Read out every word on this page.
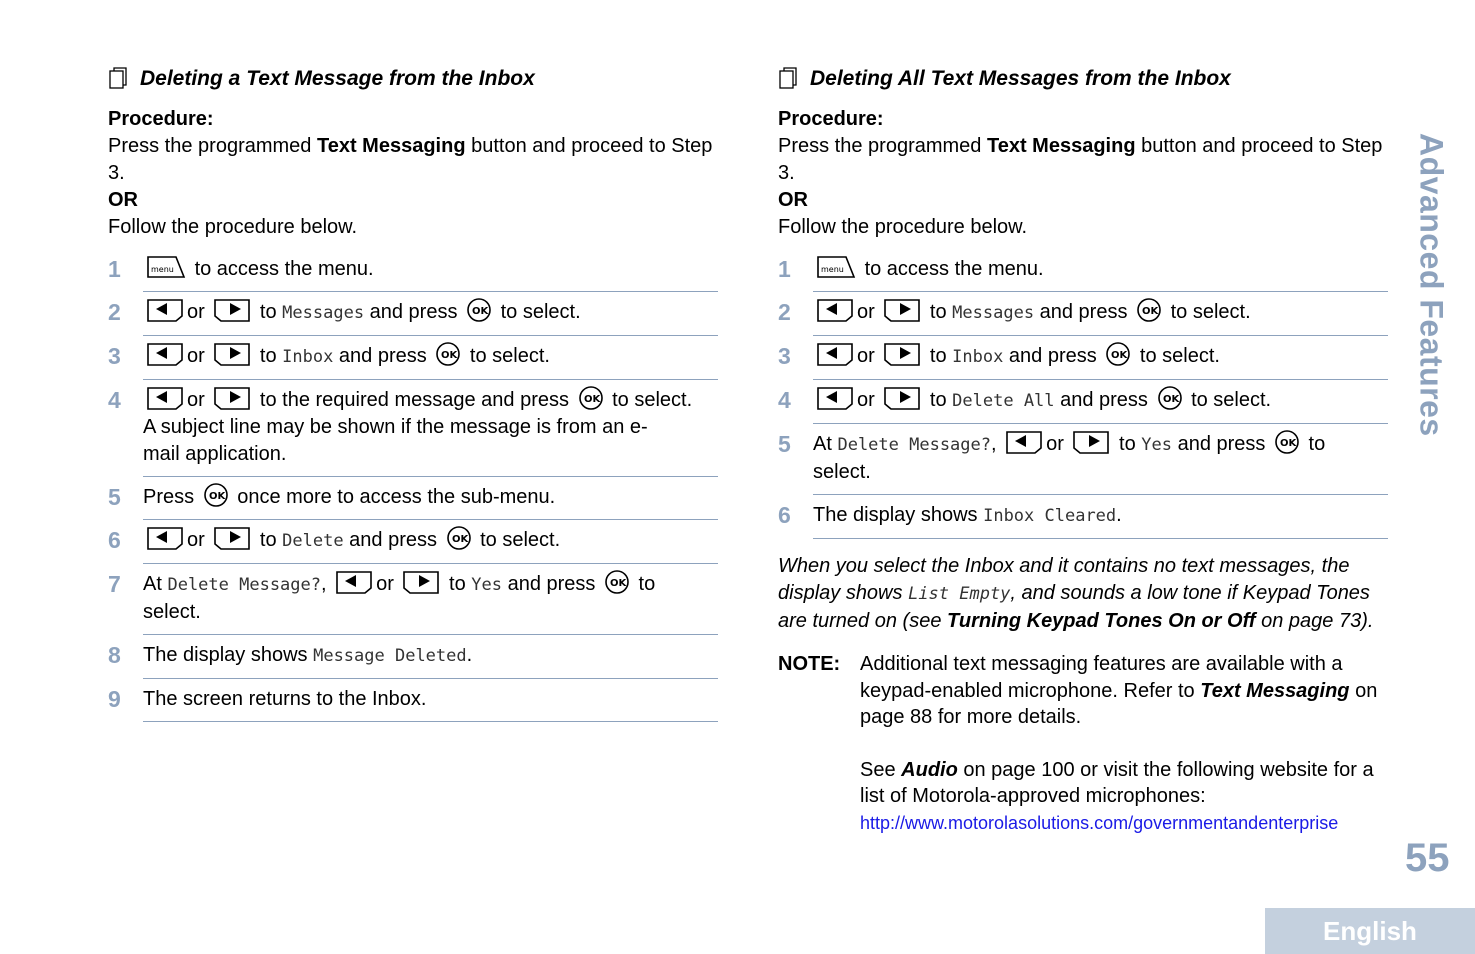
Deleting a Text Message from the Inbox
Procedure:
Press the programmed Text Messaging button and proceed to Step 3.
OR
Follow the procedure below.
1	menu to access the menu.
2	or	to Messages and press OK to select.
3	or	to Inbox and press OK to select.
4	or	to the required message and press OK to select.
A subject line may be shown if the message is from an e-mail application.
5	Press OK once more to access the sub-menu.
6	or	to Delete and press OK to select.
7	At Delete Message?, or	to Yes and press OK to select.
8	The display shows Message Deleted.
9	The screen returns to the Inbox.
Deleting All Text Messages from the Inbox
Procedure:
Press the programmed Text Messaging button and proceed to Step 3.
OR
Follow the procedure below.
1	menu to access the menu.
2	or	to Messages and press OK to select.
3	or	to Inbox and press OK to select.
4	or	to Delete All and press OK to select.
5	At Delete Message?, or	to Yes and press OK to select.
6	The display shows Inbox Cleared.
When you select the Inbox and it contains no text messages, the display shows List Empty, and sounds a low tone if Keypad Tones are turned on (see Turning Keypad Tones On or Off on page 73).
NOTE: Additional text messaging features are available with a keypad-enabled microphone. Refer to Text Messaging on page 88 for more details.
See Audio on page 100 or visit the following website for a list of Motorola-approved microphones:
http://www.motorolasolutions.com/governmentandenterprise
Advanced Features
55
English
